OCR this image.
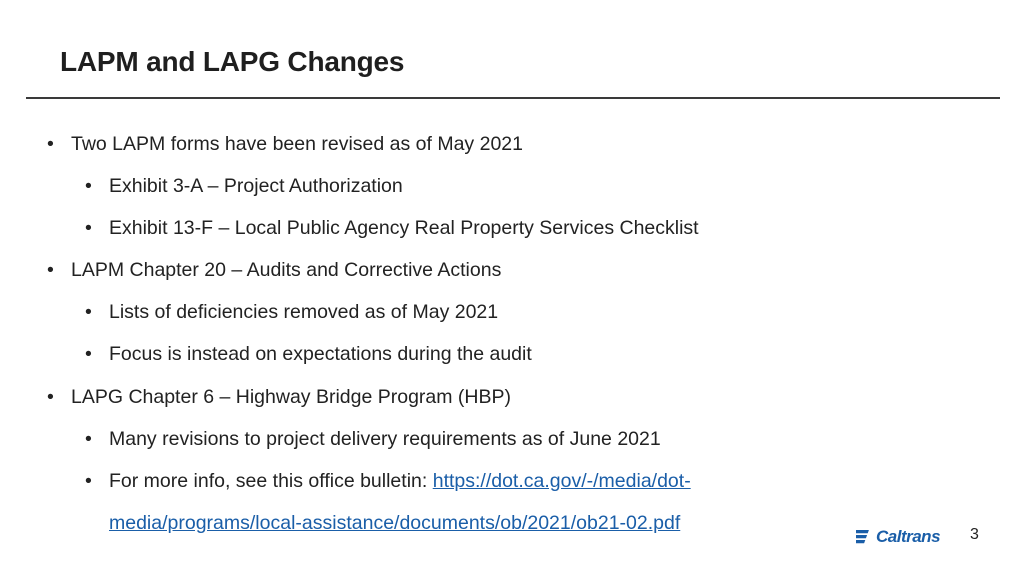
LAPM and LAPG Changes
• Two LAPM forms have been revised as of May 2021
• Exhibit 3-A – Project Authorization
• Exhibit 13-F – Local Public Agency Real Property Services Checklist
• LAPM Chapter 20 – Audits and Corrective Actions
• Lists of deficiencies removed as of May 2021
• Focus is instead on expectations during the audit
• LAPG Chapter 6 – Highway Bridge Program (HBP)
• Many revisions to project delivery requirements as of June 2021
• For more info, see this office bulletin: https://dot.ca.gov/-/media/dot-
media/programs/local-assistance/documents/ob/2021/ob21-02.pdf
Caltrans 3
